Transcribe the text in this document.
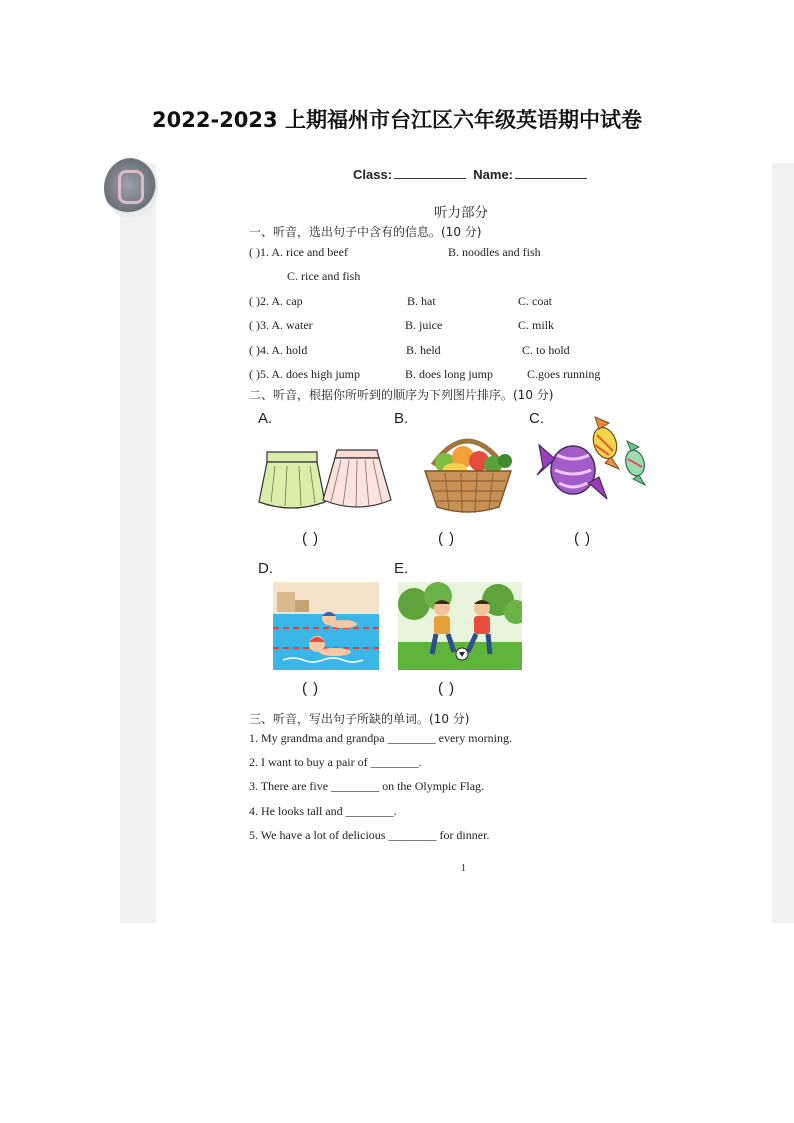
2022-2023 上期福州市台江区六年级英语期中试卷
Class:	Name:
听力部分
一、听音，选出句子中含有的信息。(10 分)
( )1. A. rice and beef	B. noodles and fish
C. rice and fish
( )2. A. cap	B. hat	C. coat
( )3. A. water	B. juice	C. milk
( )4. A. hold	B. held	C. to hold
( )5. A. does high jump	B. does long jump	C.goes running
二、听音，根据你所听到的顺序为下列图片排序。(10 分)
A.	B.	C.
D.	E.
( )	( )	( )
( )	( )
三、听音，写出句子所缺的单词。(10 分)
1. My grandma and grandpa ________ every morning.
2. I want to buy a pair of ________.
3. There are five ________ on the Olympic Flag.
4. He looks tall and ________.
5. We have a lot of delicious ________ for dinner.
1
